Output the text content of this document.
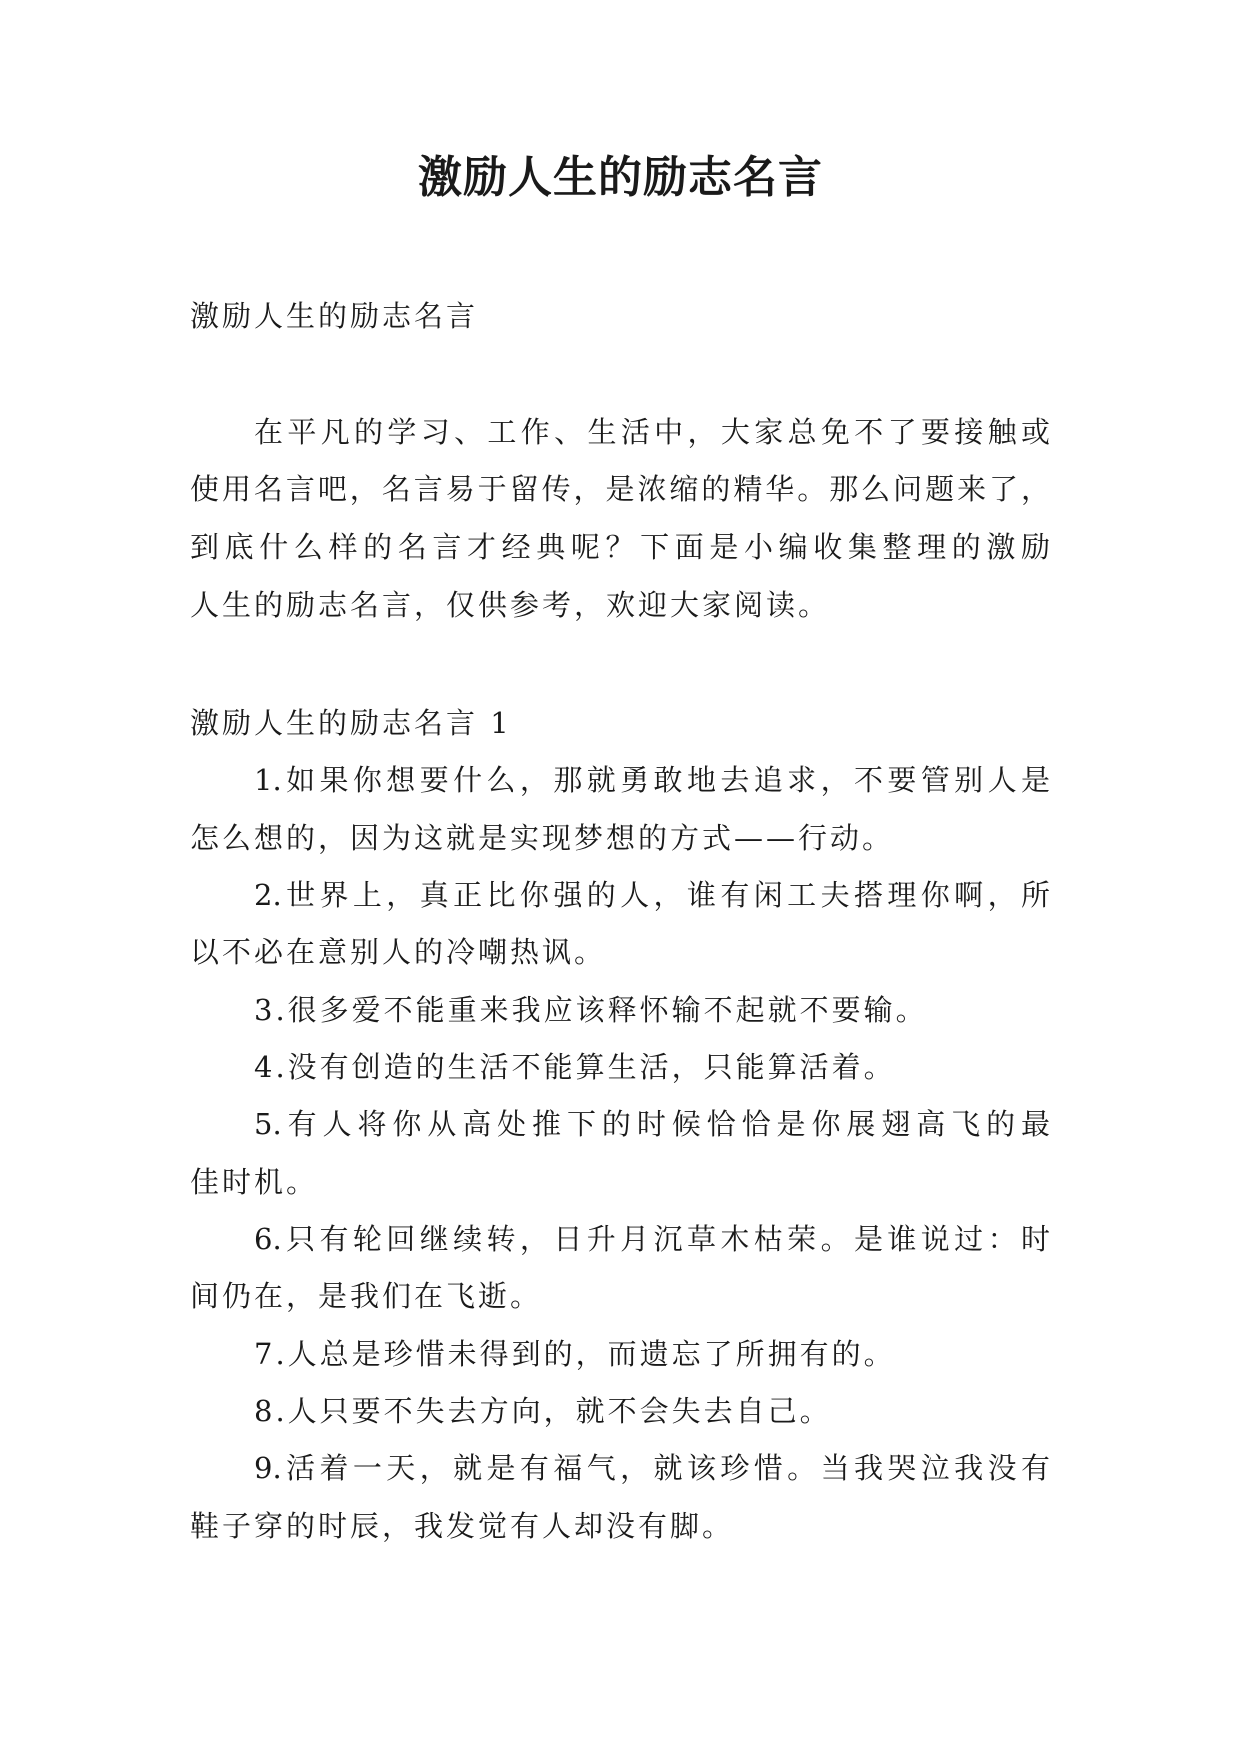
激励人生的励志名言
激励人生的励志名言
在平凡的学习、工作、生活中，大家总免不了要接触或
使用名言吧，名言易于留传，是浓缩的精华。那么问题来了，
到底什么样的名言才经典呢？下面是小编收集整理的激励
人生的励志名言，仅供参考，欢迎大家阅读。
激励人生的励志名言 1
1.如果你想要什么，那就勇敢地去追求，不要管别人是
怎么想的，因为这就是实现梦想的方式——行动。
2.世界上，真正比你强的人，谁有闲工夫搭理你啊，所
以不必在意别人的冷嘲热讽。
3.很多爱不能重来我应该释怀输不起就不要输。
4.没有创造的生活不能算生活，只能算活着。
5.有人将你从高处推下的时候恰恰是你展翅高飞的最
佳时机。
6.只有轮回继续转，日升月沉草木枯荣。是谁说过：时
间仍在，是我们在飞逝。
7.人总是珍惜未得到的，而遗忘了所拥有的。
8.人只要不失去方向，就不会失去自己。
9.活着一天，就是有福气，就该珍惜。当我哭泣我没有
鞋子穿的时辰，我发觉有人却没有脚。
